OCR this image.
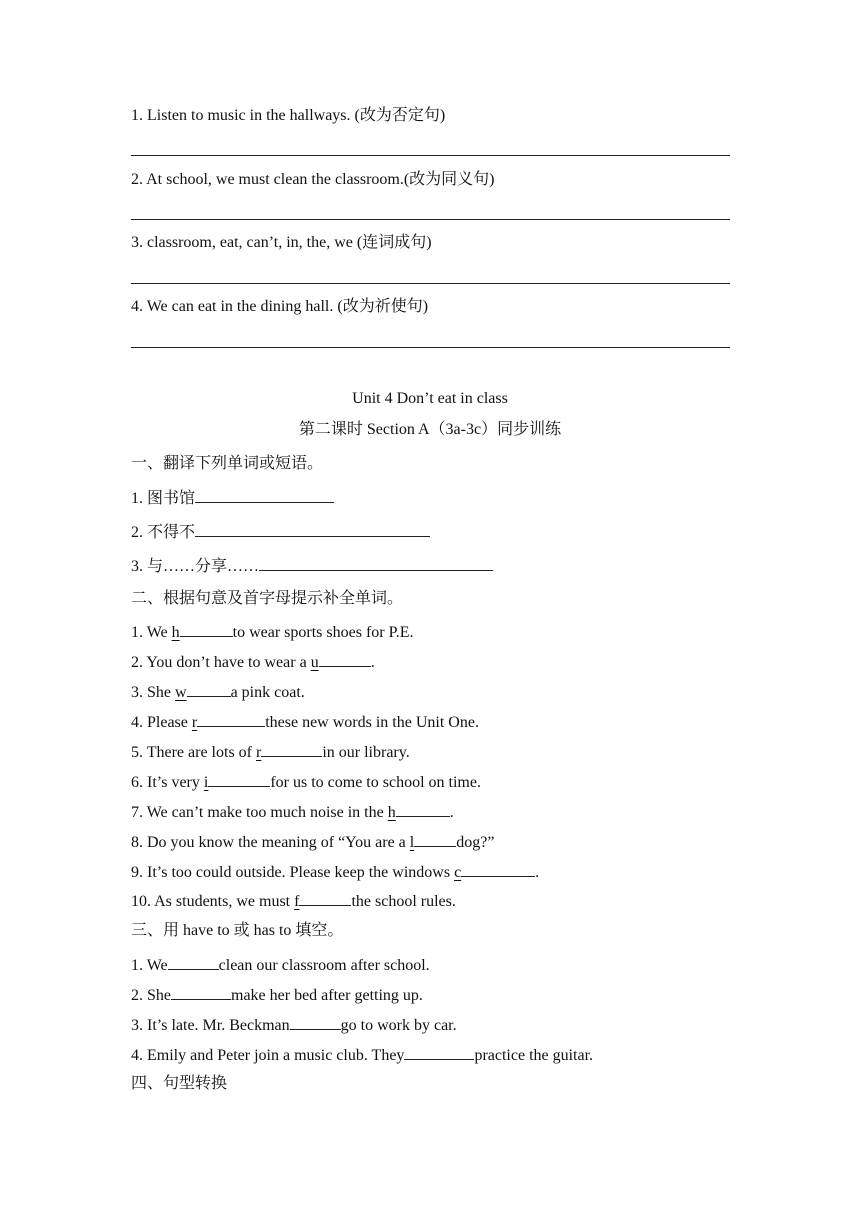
1. Listen to music in the hallways. (改为否定句)
2. At school, we must clean the classroom.(改为同义句)
3. classroom, eat, can’t, in, the, we (连词成句)
4. We can eat in the dining hall. (改为祈使句)
Unit 4 Don’t eat in class
第二课时 Section A（3a-3c）同步训练
一、翻译下列单词或短语。
1. 图书馆
2. 不得不
3. 与……分享……
二、根据句意及首字母提示补全单词。
1. We h	to wear sports shoes for P.E.
2. You don’t have to wear a u	.
3. She w	a pink coat.
4. Please r	these new words in the Unit One.
5. There are lots of r	in our library.
6. It’s very i	for us to come to school on time.
7. We can’t make too much noise in the h	.
8. Do you know the meaning of “You are a l	dog?”
9. It’s too could outside. Please keep the windows c	.
10. As students, we must f	the school rules.
三、用 have to 或 has to 填空。
1. We	clean our classroom after school.
2. She	make her bed after getting up.
3. It’s late. Mr. Beckman	go to work by car.
4. Emily and Peter join a music club. They	practice the guitar.
四、句型转换
